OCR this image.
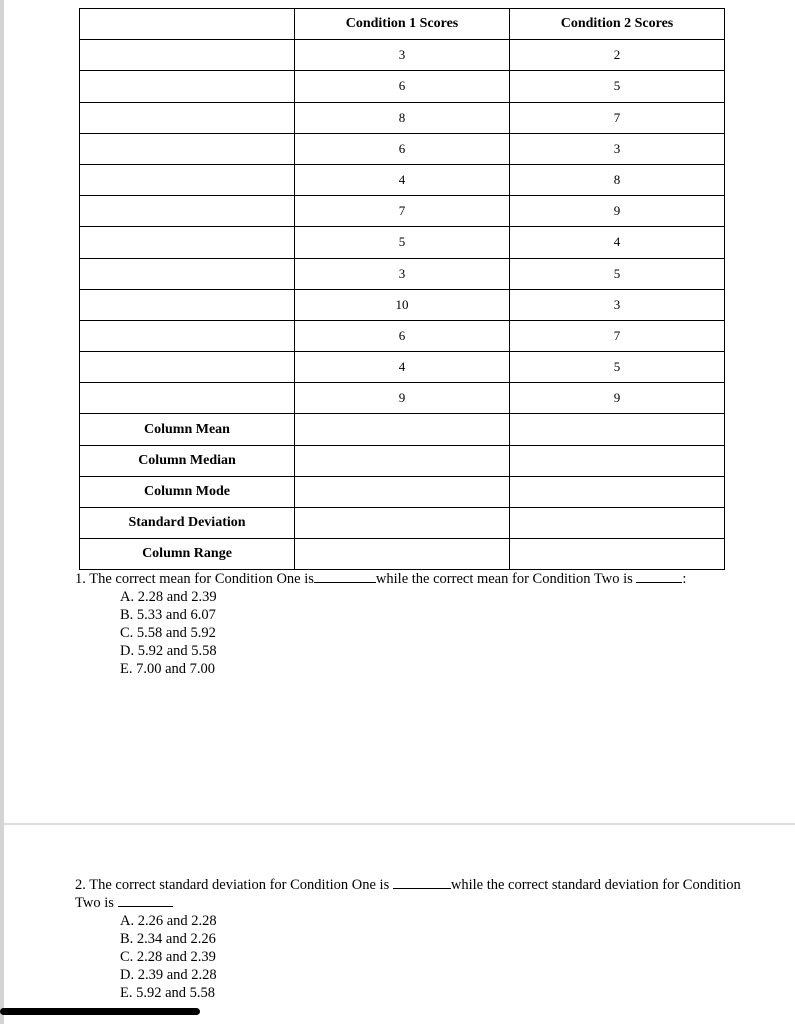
	Condition 1 Scores	Condition 2 Scores
	3	2
	6	5
	8	7
	6	3
	4	8
	7	9
	5	4
	3	5
	10	3
	6	7
	4	5
	9	9
Column Mean		
Column Median		
Column Mode		
Standard Deviation		
Column Range		
1. The correct mean for Condition One is	while the correct mean for Condition Two is	:
A. 2.28 and 2.39
B. 5.33 and 6.07
C. 5.58 and 5.92
D. 5.92 and 5.58
E. 7.00 and 7.00
2. The correct standard deviation for Condition One is	while the correct standard deviation for Condition Two is
A. 2.26 and 2.28
B. 2.34 and 2.26
C. 2.28 and 2.39
D. 2.39 and 2.28
E. 5.92 and 5.58
